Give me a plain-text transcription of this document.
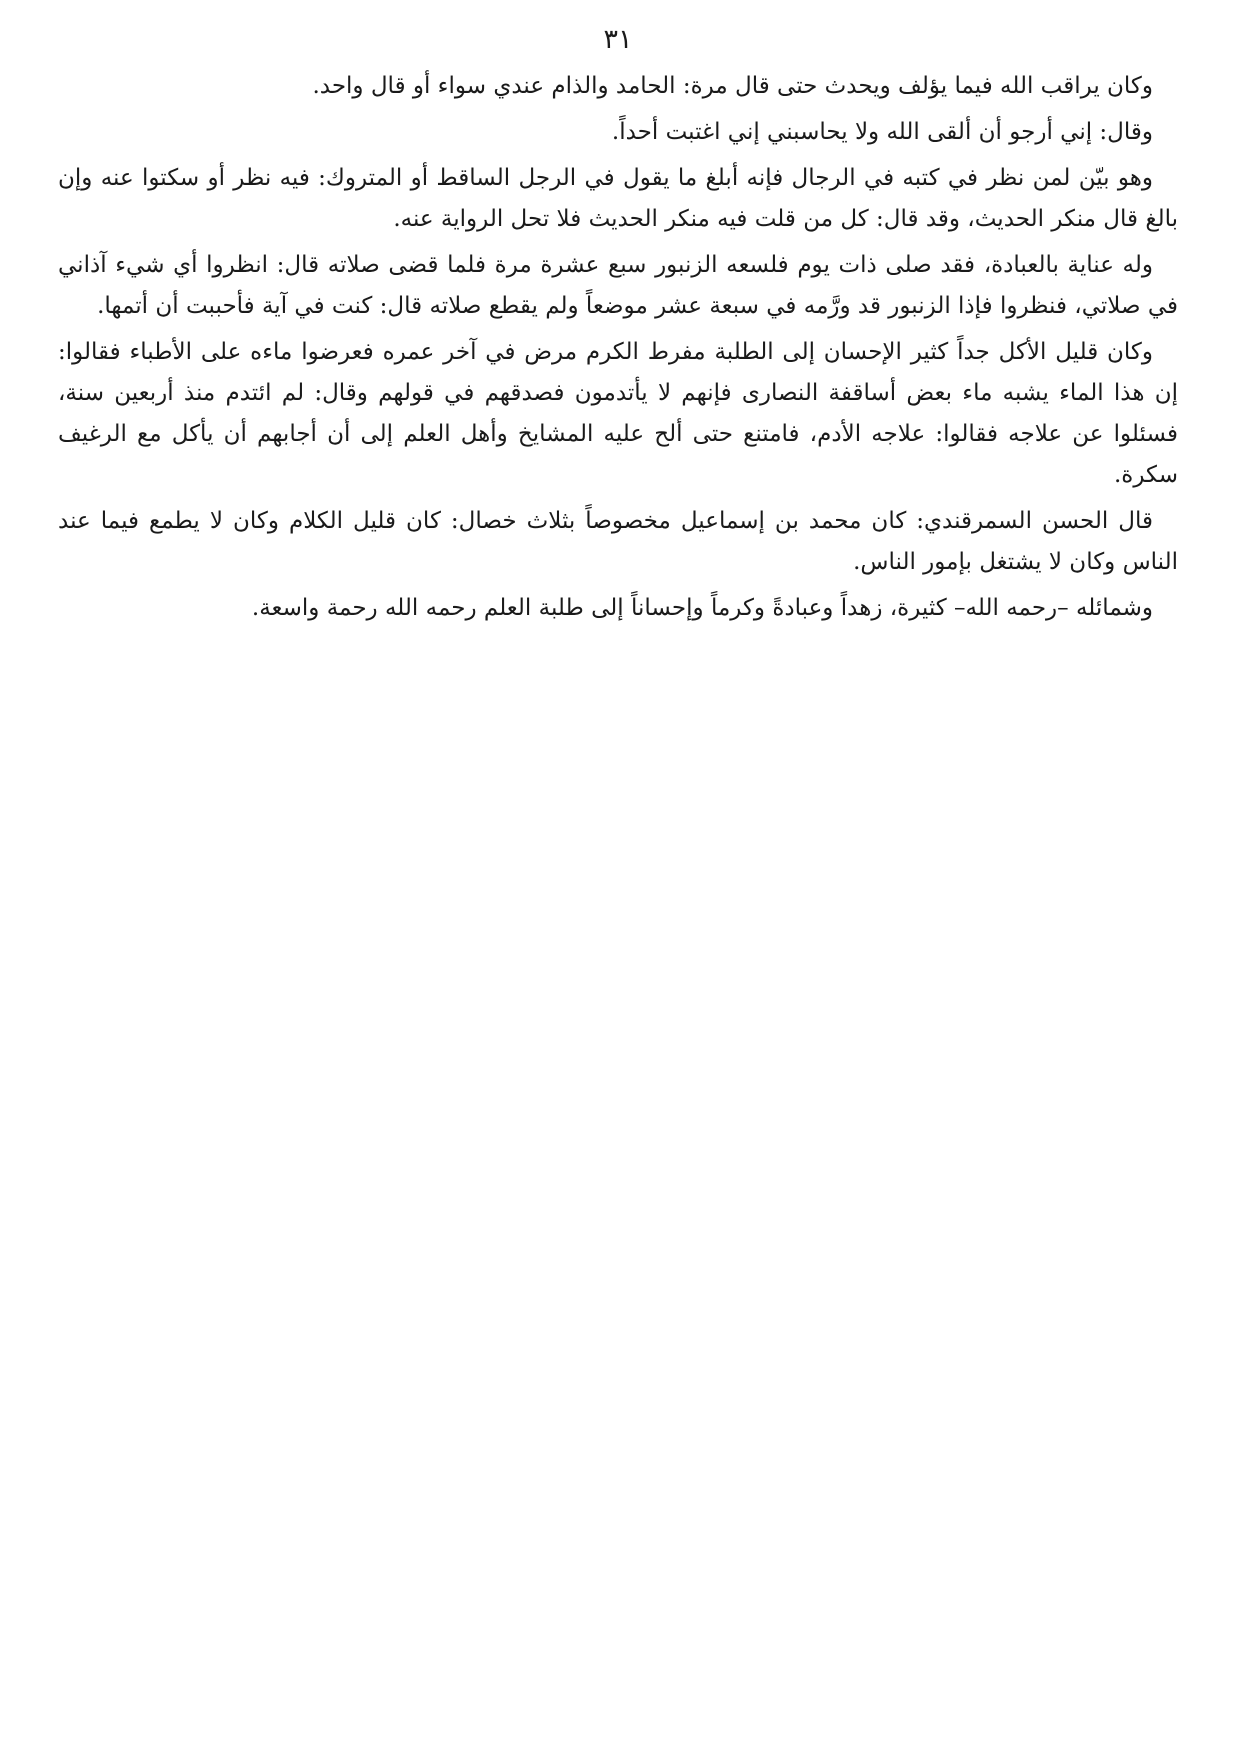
٣١

وكان يراقب الله فيما يؤلف ويحدث حتى قال مرة: الحامد والذام عندي سواء أو قال واحد.

وقال: إني أرجو أن ألقى الله ولا يحاسبني إني اغتبت أحداً.

وهو بيّن لمن نظر في كتبه في الرجال فإنه أبلغ ما يقول في الرجل الساقط أو المتروك: فيه نظر أو سكتوا عنه وإن بالغ قال منكر الحديث، وقد قال: كل من قلت فيه منكر الحديث فلا تحل الرواية عنه.

وله عناية بالعبادة، فقد صلى ذات يوم فلسعه الزنبور سبع عشرة مرة فلما قضى صلاته قال: انظروا أي شيء آذاني في صلاتي، فنظروا فإذا الزنبور قد ورَّمه في سبعة عشر موضعاً ولم يقطع صلاته قال: كنت في آية فأحببت أن أتمها.

وكان قليل الأكل جداً كثير الإحسان إلى الطلبة مفرط الكرم مرض في آخر عمره فعرضوا ماءه على الأطباء فقالوا: إن هذا الماء يشبه ماء بعض أساقفة النصارى فإنهم لا يأتدمون فصدقهم في قولهم وقال: لم ائتدم منذ أربعين سنة، فسئلوا عن علاجه فقالوا: علاجه الأدم، فامتنع حتى ألح عليه المشايخ وأهل العلم إلى أن أجابهم أن يأكل مع الرغيف سكرة.

قال الحسن السمرقندي: كان محمد بن إسماعيل مخصوصاً بثلاث خصال: كان قليل الكلام وكان لا يطمع فيما عند الناس وكان لا يشتغل بإمور الناس.

وشمائله –رحمه الله– كثيرة، زهداً وعبادةً وكرماً وإحساناً إلى طلبة العلم رحمه الله رحمة واسعة.
